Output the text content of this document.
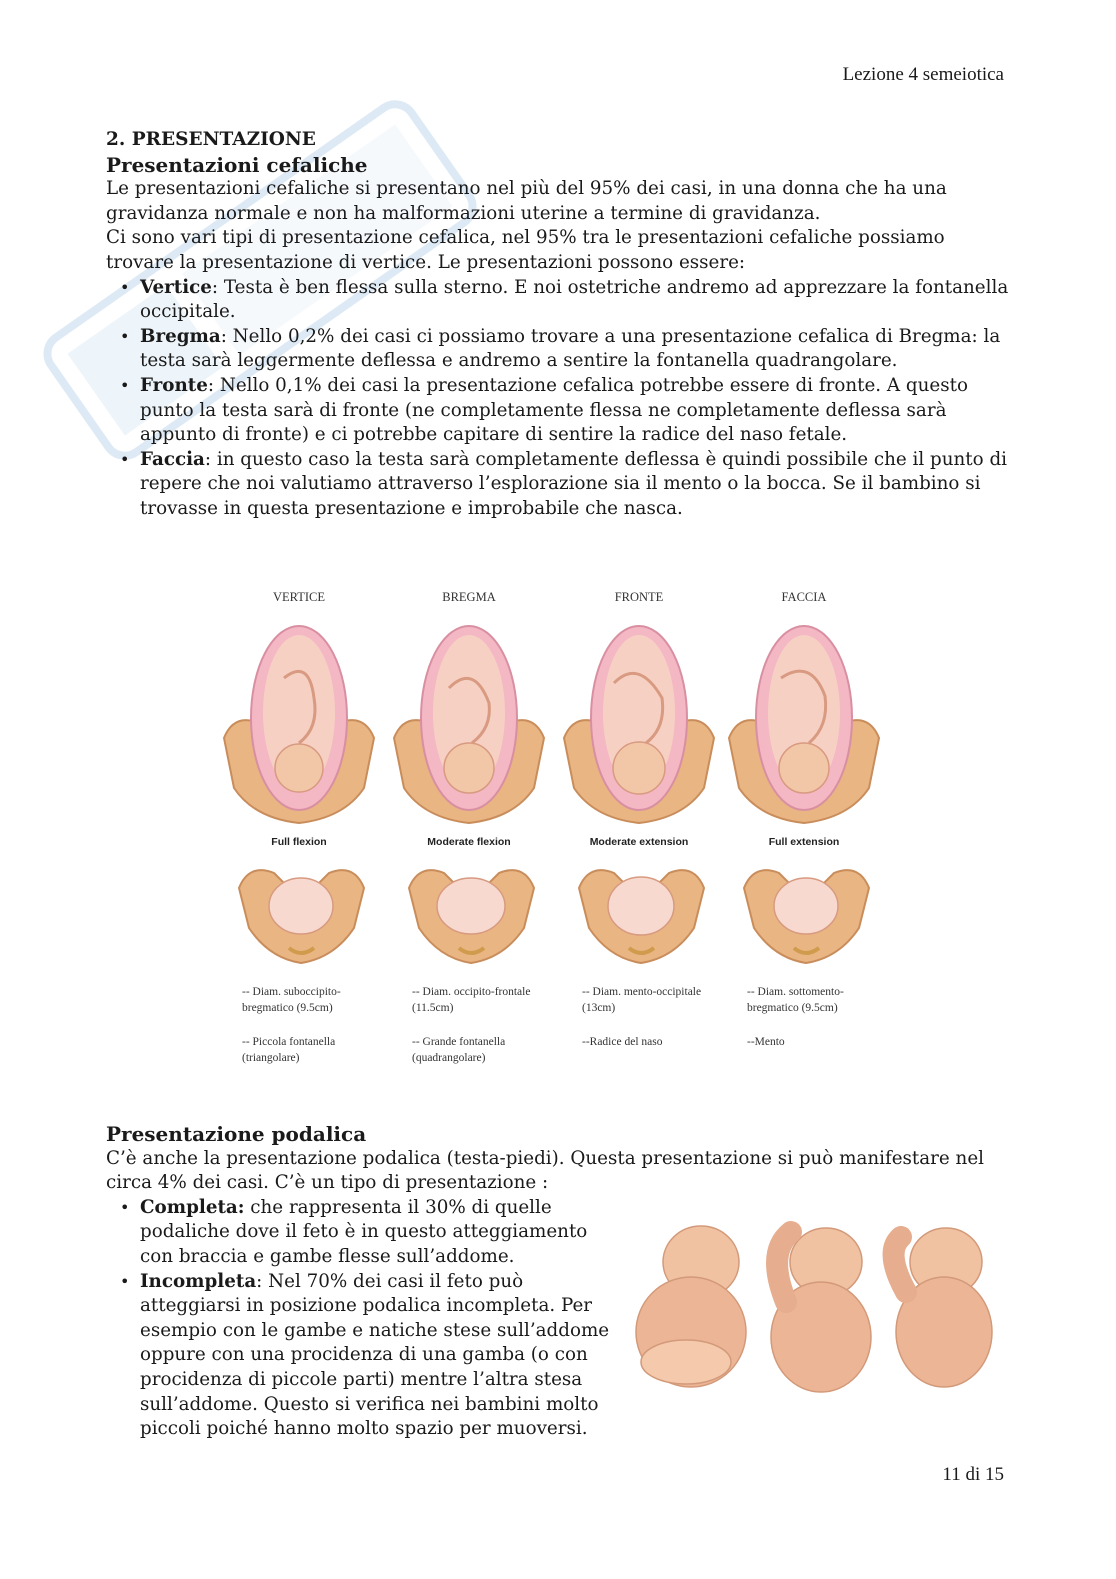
Lezione 4 semeiotica
2. PRESENTAZIONE
Presentazioni cefaliche

Le presentazioni cefaliche si presentano nel più del 95% dei casi, in una donna che ha una gravidanza normale e non ha malformazioni uterine a termine di gravidanza.

Ci sono vari tipi di presentazione cefalica, nel 95% tra le presentazioni cefaliche possiamo trovare la presentazione di vertice. Le presentazioni possono essere:

• Vertice: Testa è ben flessa sulla sterno. E noi ostetriche andremo ad apprezzare la fontanella occipitale.
• Bregma: Nello 0,2% dei casi ci possiamo trovare a una presentazione cefalica di Bregma: la testa sarà leggermente deflessa e andremo a sentire la fontanella quadrangolare.
• Fronte: Nello 0,1% dei casi la presentazione cefalica potrebbe essere di fronte. A questo punto la testa sarà di fronte (ne completamente flessa ne completamente deflessa sarà appunto di fronte) e ci potrebbe capitare di sentire la radice del naso fetale.
• Faccia: in questo caso la testa sarà completamente deflessa è quindi possibile che il punto di repere che noi valutiamo attraverso l’esplorazione sia il mento o la bocca. Se il bambino si trovasse in questa presentazione e improbabile che nasca.
VERTICE
Full flexion
-- Diam. suboccipito-bregmatico (9.5cm)
-- Piccola fontanella (triangolare)
BREGMA
Moderate flexion
-- Diam. occipito-frontale (11.5cm)
-- Grande fontanella (quadrangolare)
FRONTE
Moderate extension
-- Diam. mento-occipitale (13cm)
--Radice del naso
FACCIA
Full extension
-- Diam. sottomento-bregmatico (9.5cm)
--Mento
Presentazione podalica

C’è anche la presentazione podalica (testa-piedi). Questa presentazione si può manifestare nel circa 4% dei casi. C’è un tipo di presentazione :

• Completa: che rappresenta il 30% di quelle podaliche dove il feto è in questo atteggiamento con braccia e gambe flesse sull’addome.
• Incompleta: Nel 70% dei casi il feto può atteggiarsi in posizione podalica incompleta. Per esempio con le gambe e natiche stese sull’addome oppure con una procidenza di una gamba (o con procidenza di piccole parti) mentre l’altra stesa sull’addome. Questo si verifica nei bambini molto piccoli poiché hanno molto spazio per muoversi.
11 di 15
